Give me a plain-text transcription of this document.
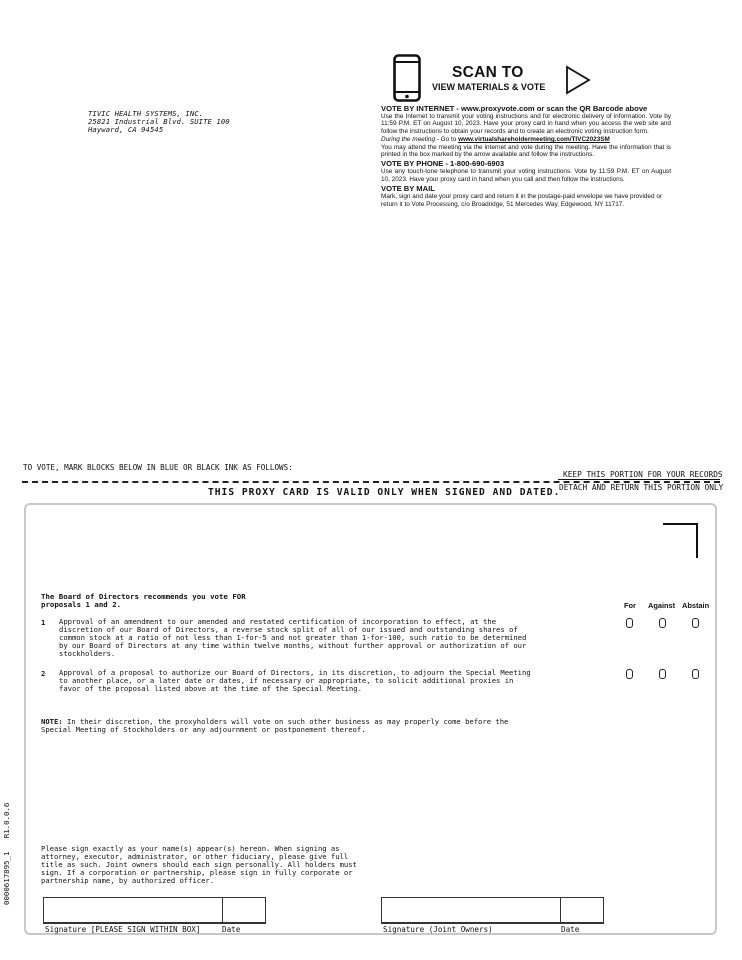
TIVIC HEALTH SYSTEMS, INC.
25821 Industrial Blvd. SUITE 100
Hayward, CA 94545
SCAN TO
VIEW MATERIALS & VOTE
VOTE BY INTERNET - www.proxyvote.com or scan the QR Barcode above

Use the Internet to transmit your voting instructions and for electronic delivery of information. Vote by 11:59 P.M. ET on August 10, 2023. Have your proxy card in hand when you access the web site and follow the instructions to obtain your records and to create an electronic voting instruction form.

During the meeting - Go to www.virtualshareholdermeeting.com/TIVC2023SM

You may attend the meeting via the internet and vote during the meeting. Have the information that is printed in the box marked by the arrow available and follow the instructions.

VOTE BY PHONE - 1-800-690-6903

Use any touch-tone telephone to transmit your voting instructions. Vote by 11:59 P.M. ET on August 10, 2023. Have your proxy card in hand when you call and then follow the instructions.

VOTE BY MAIL

Mark, sign and date your proxy card and return it in the postage-paid envelope we have provided or return it to Vote Processing, c/o Broadridge, 51 Mercedes Way, Edgewood, NY 11717.

TO VOTE, MARK BLOCKS BELOW IN BLUE OR BLACK INK AS FOLLOWS:
KEEP THIS PORTION FOR YOUR RECORDS
DETACH AND RETURN THIS PORTION ONLY
THIS PROXY CARD IS VALID ONLY WHEN SIGNED AND DATED.
The Board of Directors recommends you vote FOR
proposals 1 and 2.	For Against Abstain
1 Approval of an amendment to our amended and restated certification of incorporation to effect, at the
discretion of our Board of Directors, a reverse stock split of all of our issued and outstanding shares of
common stock at a ratio of not less than 1-for-5 and not greater than 1-for-100, such ratio to be determined
by our Board of Directors at any time within twelve months, without further approval or authorization of our
stockholders.
2 Approval of a proposal to authorize our Board of Directors, in its discretion, to adjourn the Special Meeting
to another place, or a later date or dates, if necessary or appropriate, to solicit additional proxies in
favor of the proposal listed above at the time of the Special Meeting.
NOTE: In their discretion, the proxyholders will vote on such other business as may properly come before the
Special Meeting of Stockholders or any adjournment or postponement thereof.
Please sign exactly as your name(s) appear(s) hereon. When signing as
attorney, executor, administrator, or other fiduciary, please give full
title as such. Joint owners should each sign personally. All holders must
sign. If a corporation or partnership, please sign in fully corporate or
partnership name, by authorized officer.
Signature [PLEASE SIGN WITHIN BOX]	Date	Signature (Joint Owners)	Date
0000617895_1   R1.0.0.6
